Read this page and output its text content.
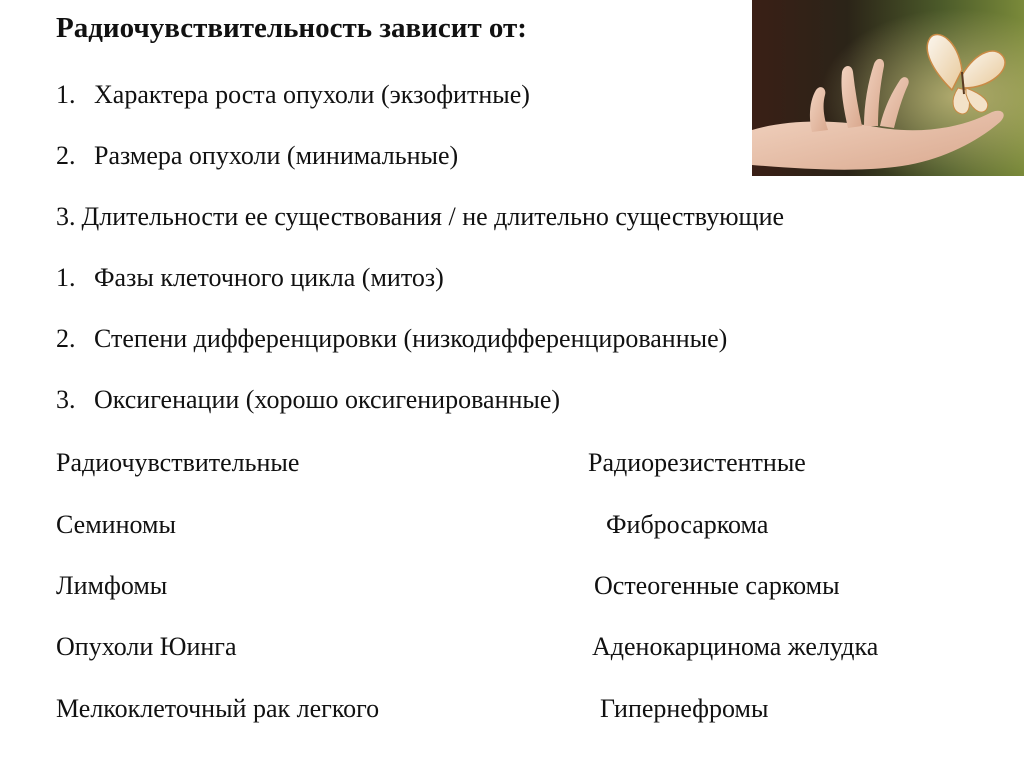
Радиочувствительность зависит от:
1. Характера роста опухоли (экзофитные)
2. Размера опухоли (минимальные)
3. Длительности ее существования / не длительно существующие
1. Фазы клеточного цикла (митоз)
2. Степени дифференцировки (низкодифференцированные)
3. Оксигенации (хорошо оксигенированные)
Радиочувствительные	Радиорезистентные
Семиномы	Фибросаркома
Лимфомы	Остеогенные саркомы
Опухоли Юинга	Аденокарцинома желудка
Мелкоклеточный рак легкого	Гипернефромы
